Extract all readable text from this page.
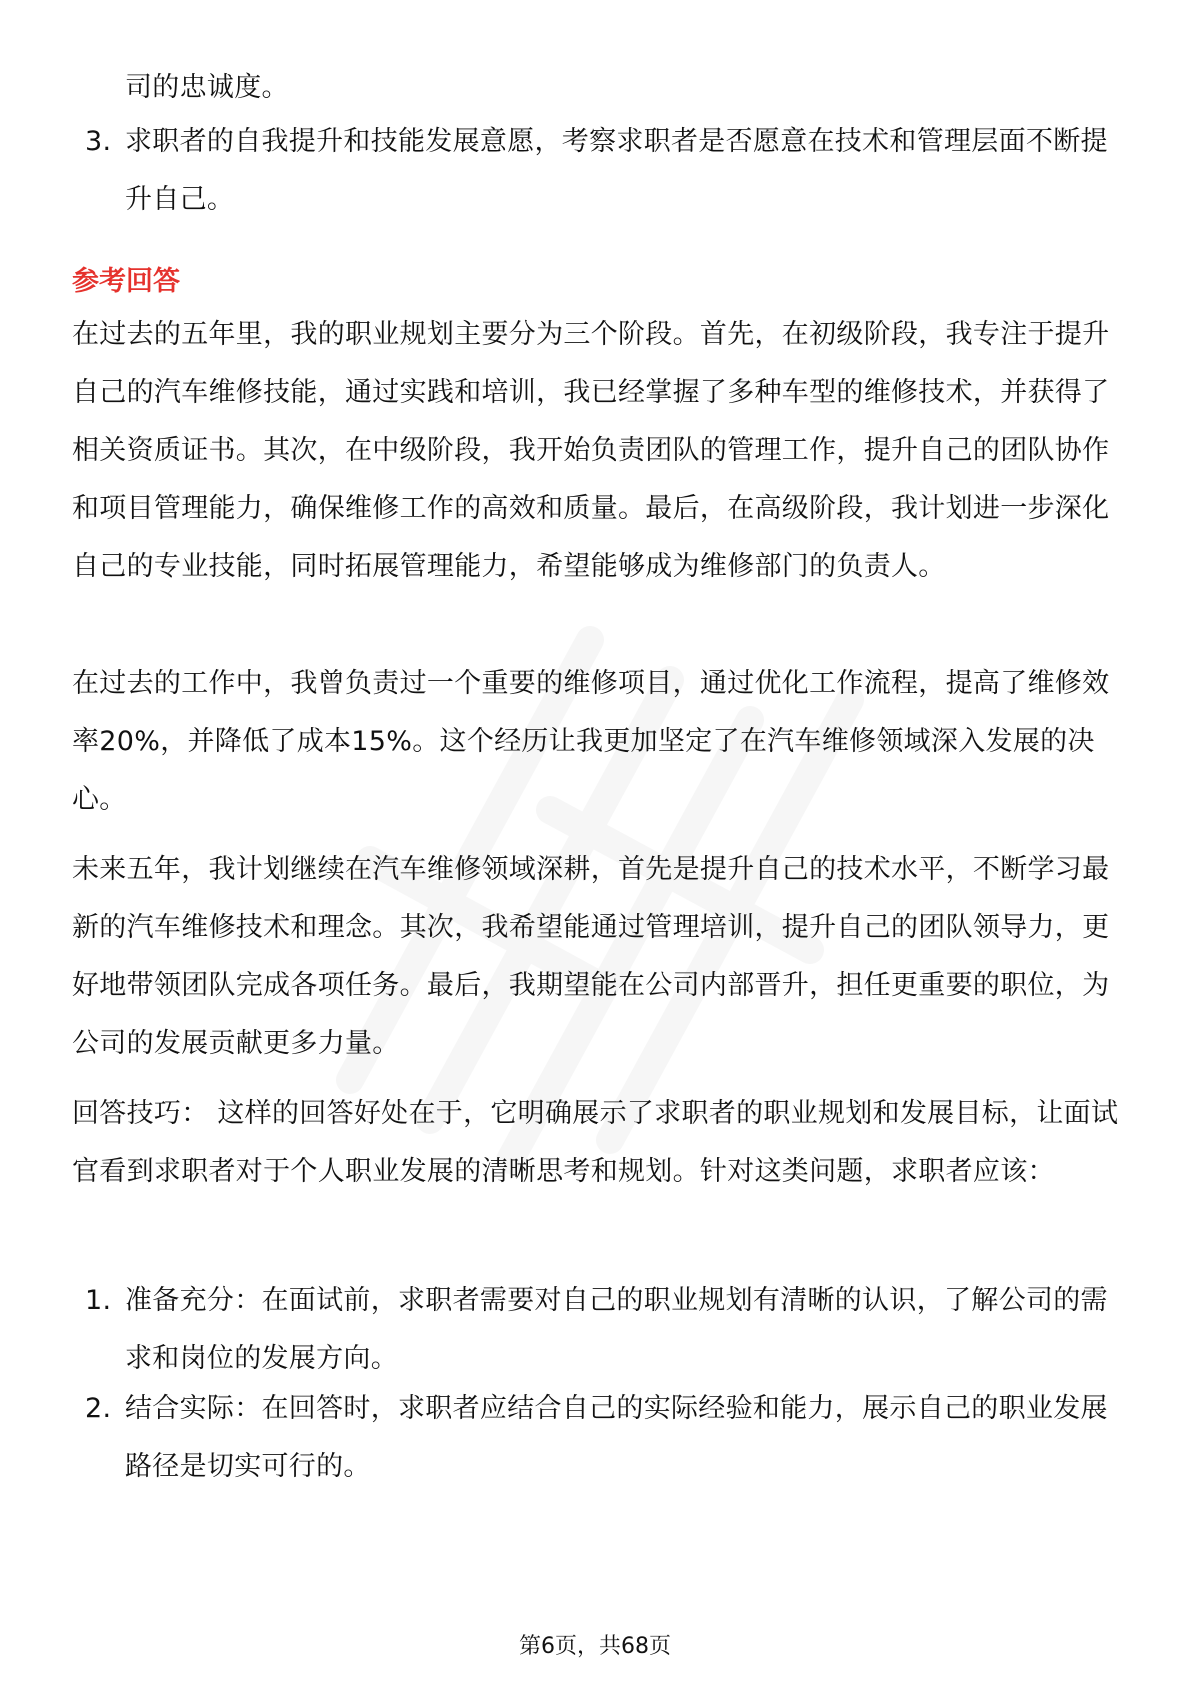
司的忠诚度。
3. 求职者的自我提升和技能发展意愿，考察求职者是否愿意在技术和管理层面不断提升自己。
参考回答
在过去的五年里，我的职业规划主要分为三个阶段。首先，在初级阶段，我专注于提升自己的汽车维修技能，通过实践和培训，我已经掌握了多种车型的维修技术，并获得了相关资质证书。其次，在中级阶段，我开始负责团队的管理工作，提升自己的团队协作和项目管理能力，确保维修工作的高效和质量。最后，在高级阶段，我计划进一步深化自己的专业技能，同时拓展管理能力，希望能够成为维修部门的负责人。
在过去的工作中，我曾负责过一个重要的维修项目，通过优化工作流程，提高了维修效率20%，并降低了成本15%。这个经历让我更加坚定了在汽车维修领域深入发展的决心。
未来五年，我计划继续在汽车维修领域深耕，首先是提升自己的技术水平，不断学习最新的汽车维修技术和理念。其次，我希望能通过管理培训，提升自己的团队领导力，更好地带领团队完成各项任务。最后，我期望能在公司内部晋升，担任更重要的职位，为公司的发展贡献更多力量。
回答技巧： 这样的回答好处在于，它明确展示了求职者的职业规划和发展目标，让面试官看到求职者对于个人职业发展的清晰思考和规划。针对这类问题，求职者应该：
1. 准备充分：在面试前，求职者需要对自己的职业规划有清晰的认识，了解公司的需求和岗位的发展方向。
2. 结合实际：在回答时，求职者应结合自己的实际经验和能力，展示自己的职业发展路径是切实可行的。
第6页，共68页
